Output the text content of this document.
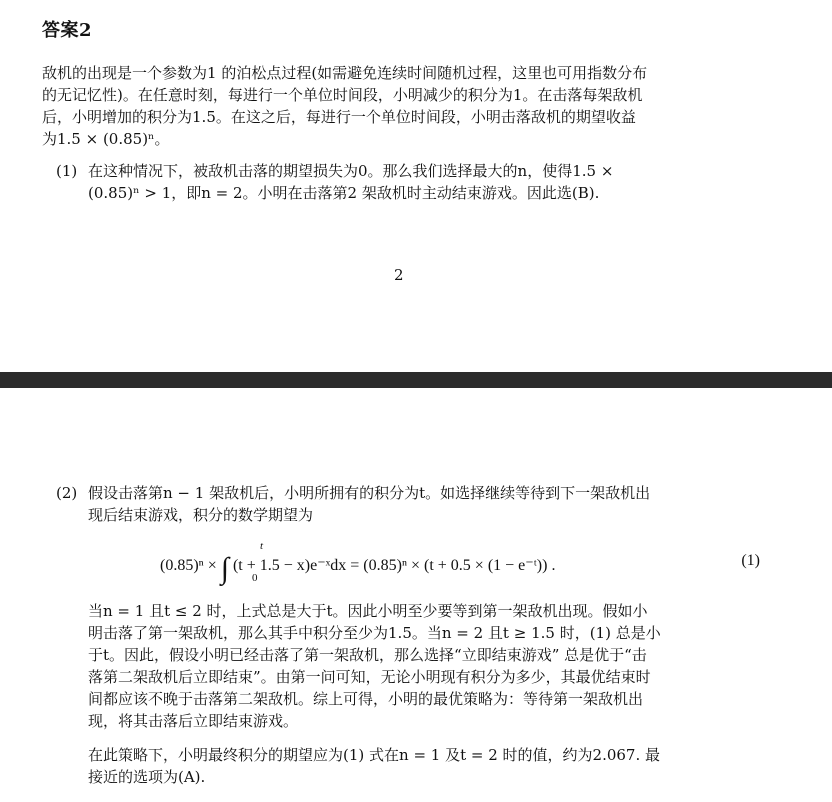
答案2
敌机的出现是一个参数为1 的泊松点过程(如需避免连续时间随机过程，这里也可用指数分布
的无记忆性)。在任意时刻，每进行一个单位时间段，小明减少的积分为1。在击落每架敌机
后，小明增加的积分为1.5。在这之后，每进行一个单位时间段，小明击落敌机的期望收益
为1.5 × (0.85)ⁿ。
(1) 在这种情况下，被敌机击落的期望损失为0。那么我们选择最大的n，使得1.5 ×
(0.85)ⁿ > 1，即n = 2。小明在击落第2 架敌机时主动结束游戏。因此选(B).
2
(2) 假设击落第n − 1 架敌机后，小明所拥有的积分为t。如选择继续等待到下一架敌机出
现后结束游戏，积分的数学期望为
(0.85)ⁿ × ∫ (t + 1.5 − x)e⁻ˣdx = (0.85)ⁿ × (t + 0.5 × (1 − e⁻ᵗ)) .
t
0
(1)
当n = 1 且t ≤ 2 时，上式总是大于t。因此小明至少要等到第一架敌机出现。假如小
明击落了第一架敌机，那么其手中积分至少为1.5。当n = 2 且t ≥ 1.5 时，(1) 总是小
于t。因此，假设小明已经击落了第一架敌机，那么选择“立即结束游戏” 总是优于“击
落第二架敌机后立即结束”。由第一问可知，无论小明现有积分为多少，其最优结束时
间都应该不晚于击落第二架敌机。综上可得，小明的最优策略为：等待第一架敌机出
现，将其击落后立即结束游戏。
在此策略下，小明最终积分的期望应为(1) 式在n = 1 及t = 2 时的值，约为2.067. 最
接近的选项为(A).
